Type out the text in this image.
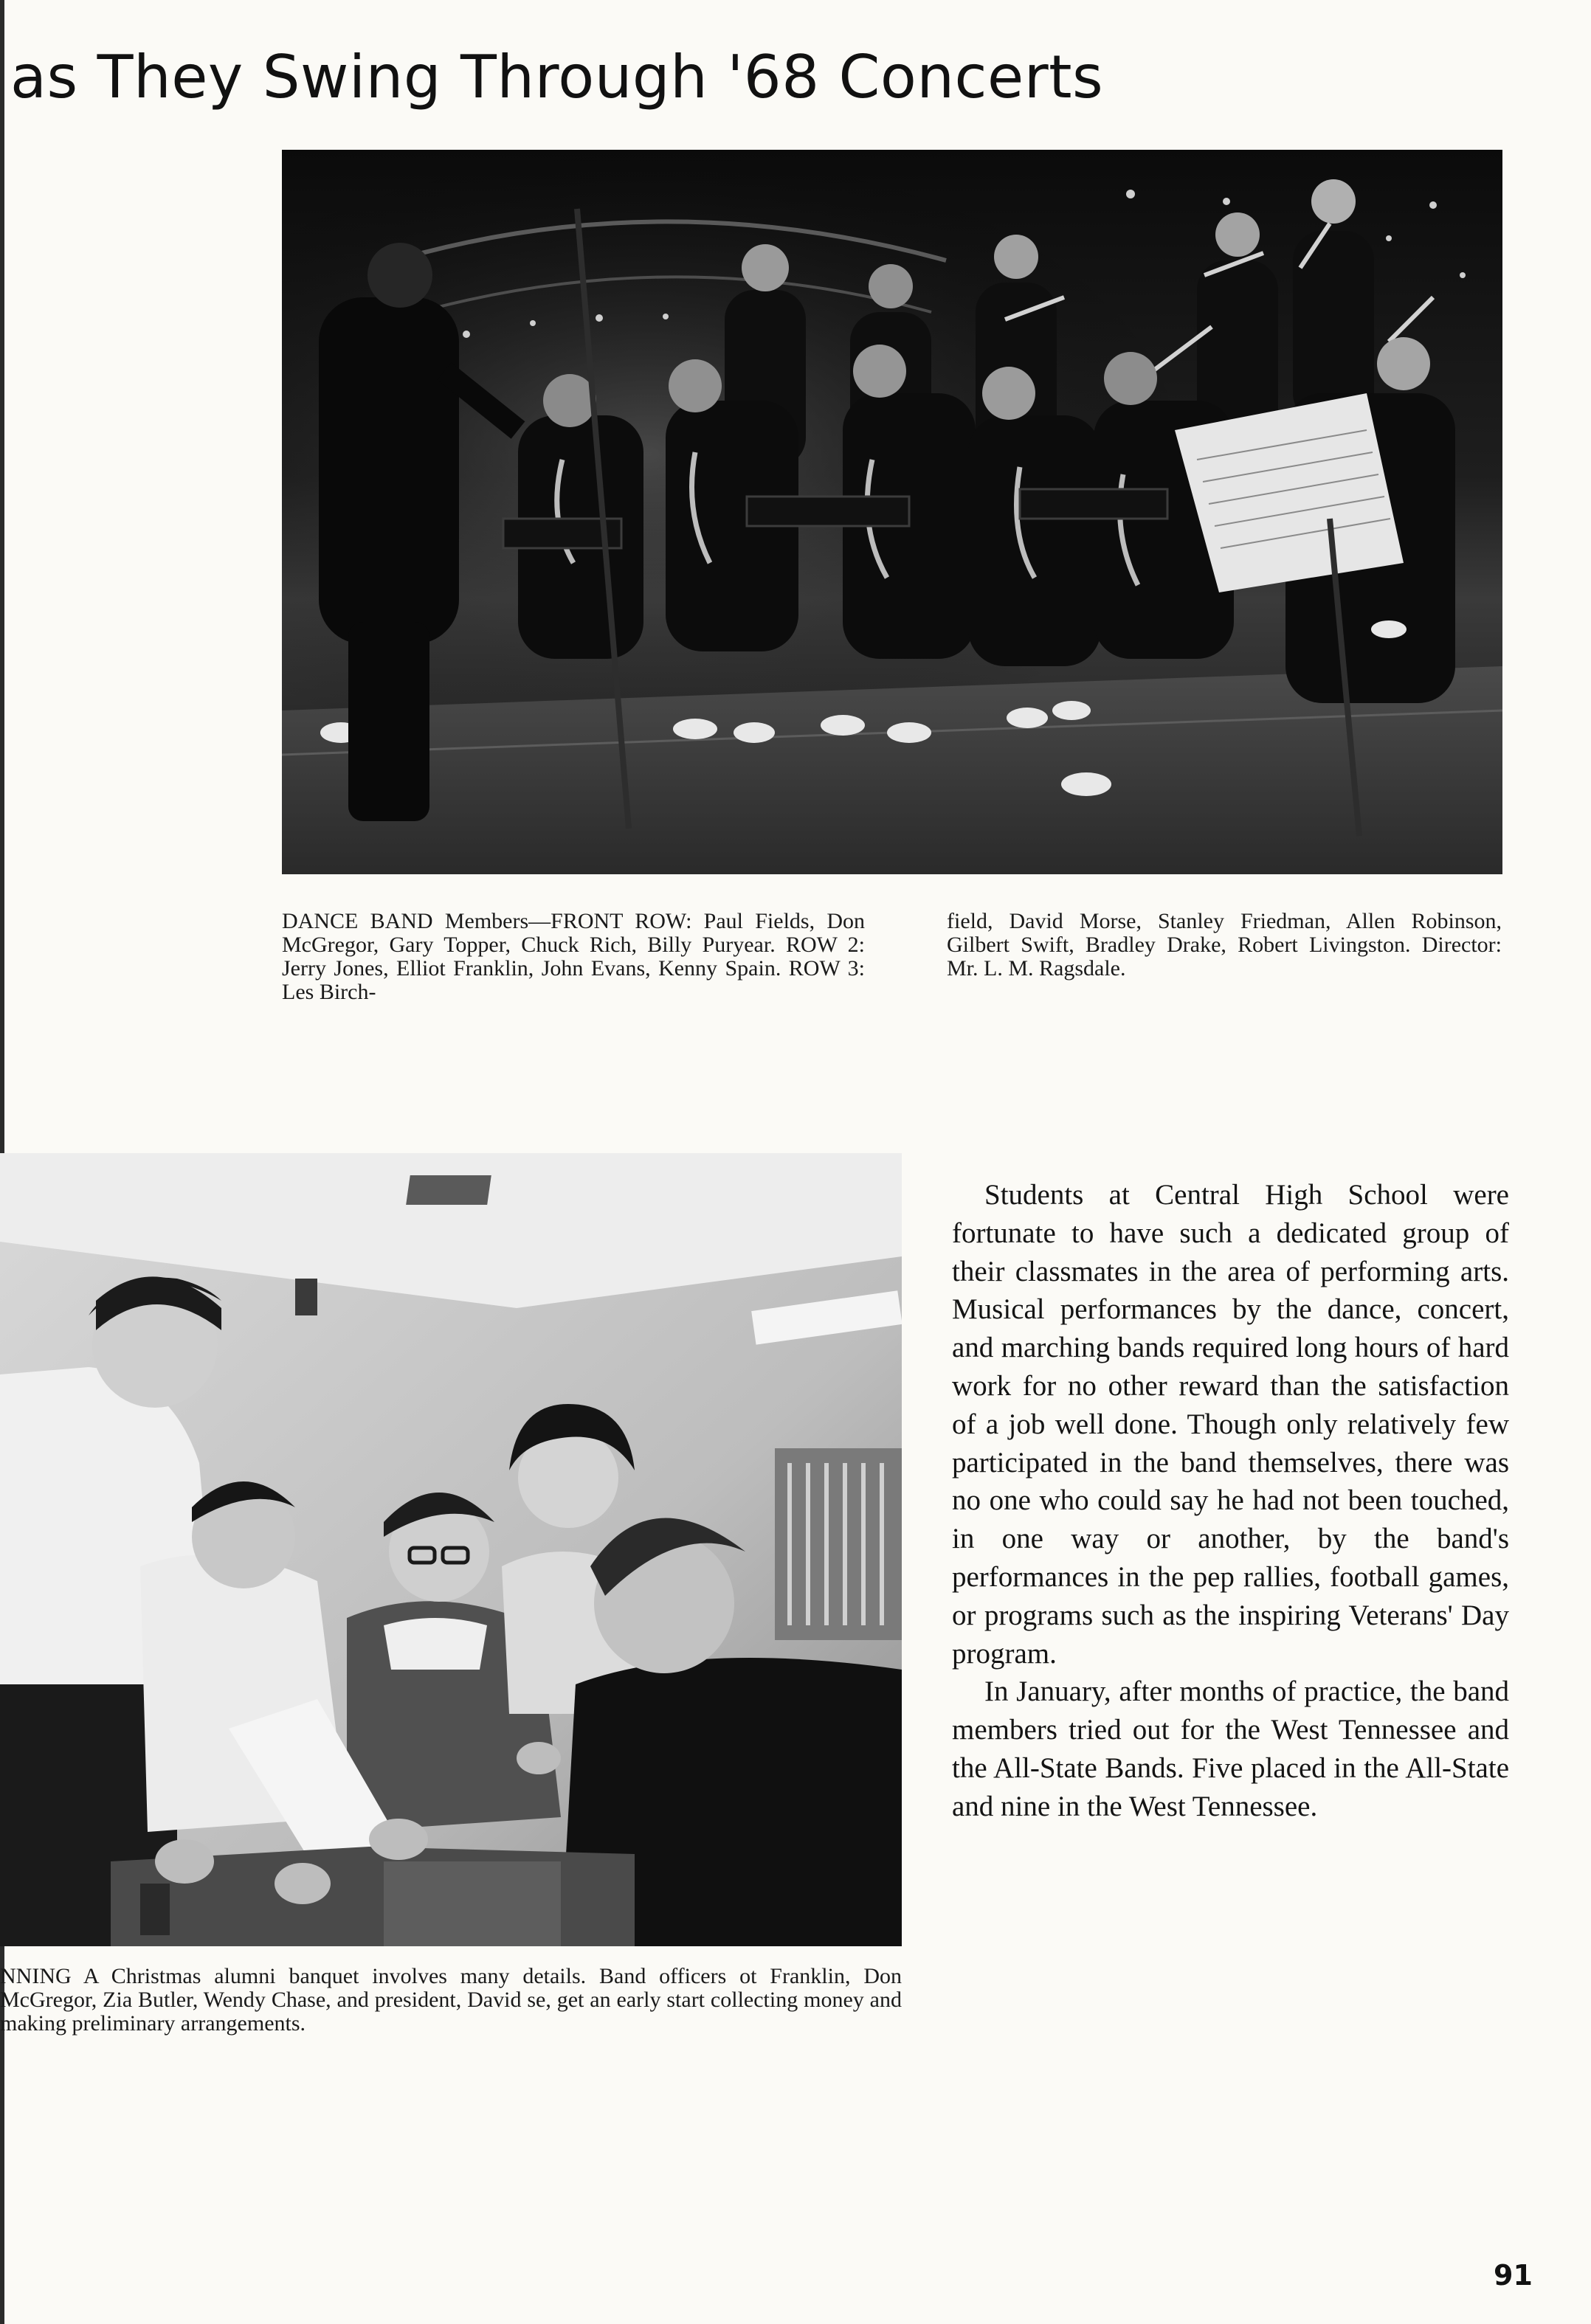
as They Swing Through '68 Concerts

DANCE BAND Members—FRONT ROW: Paul Fields, Don McGregor, Gary Topper, Chuck Rich, Billy Puryear. ROW 2: Jerry Jones, Elliot Franklin, John Evans, Kenny Spain. ROW 3: Les Birch-

field, David Morse, Stanley Friedman, Allen Robinson, Gilbert Swift, Bradley Drake, Robert Livingston. Director: Mr. L. M. Ragsdale.

NNING A Christmas alumni banquet involves many details. Band officers ot Franklin, Don McGregor, Zia Butler, Wendy Chase, and president, David se, get an early start collecting money and making preliminary arrangements.

Students at Central High School were fortunate to have such a dedicated group of their classmates in the area of performing arts. Musical performances by the dance, concert, and marching bands required long hours of hard work for no other reward than the satisfaction of a job well done. Though only relatively few participated in the band themselves, there was no one who could say he had not been touched, in one way or another, by the band's performances in the pep rallies, football games, or programs such as the inspiring Veterans' Day program.

In January, after months of practice, the band members tried out for the West Tennessee and the All-State Bands. Five placed in the All-State and nine in the West Tennessee.

91
